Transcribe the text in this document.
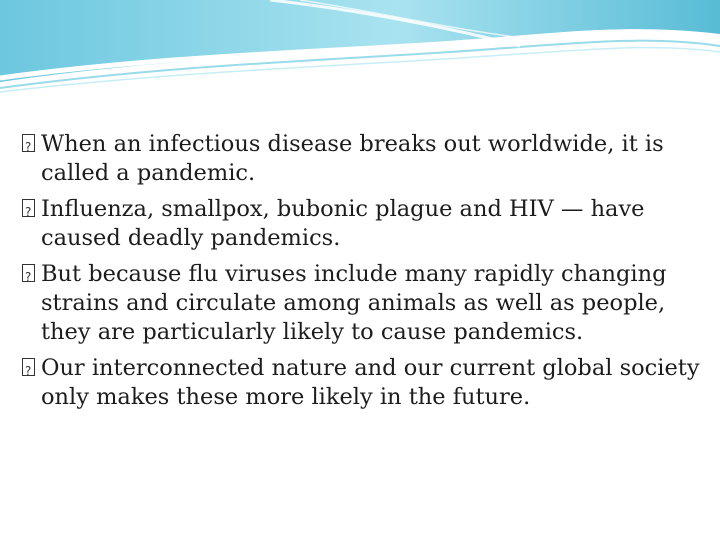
?
When an infectious disease breaks out worldwide, it is called a pandemic.
?
Influenza, smallpox, bubonic plague and HIV — have caused deadly pandemics.
?
But because flu viruses include many rapidly changing strains and circulate among animals as well as people, they are particularly likely to cause pandemics.
?
Our interconnected nature and our current global society only makes these more likely in the future.
